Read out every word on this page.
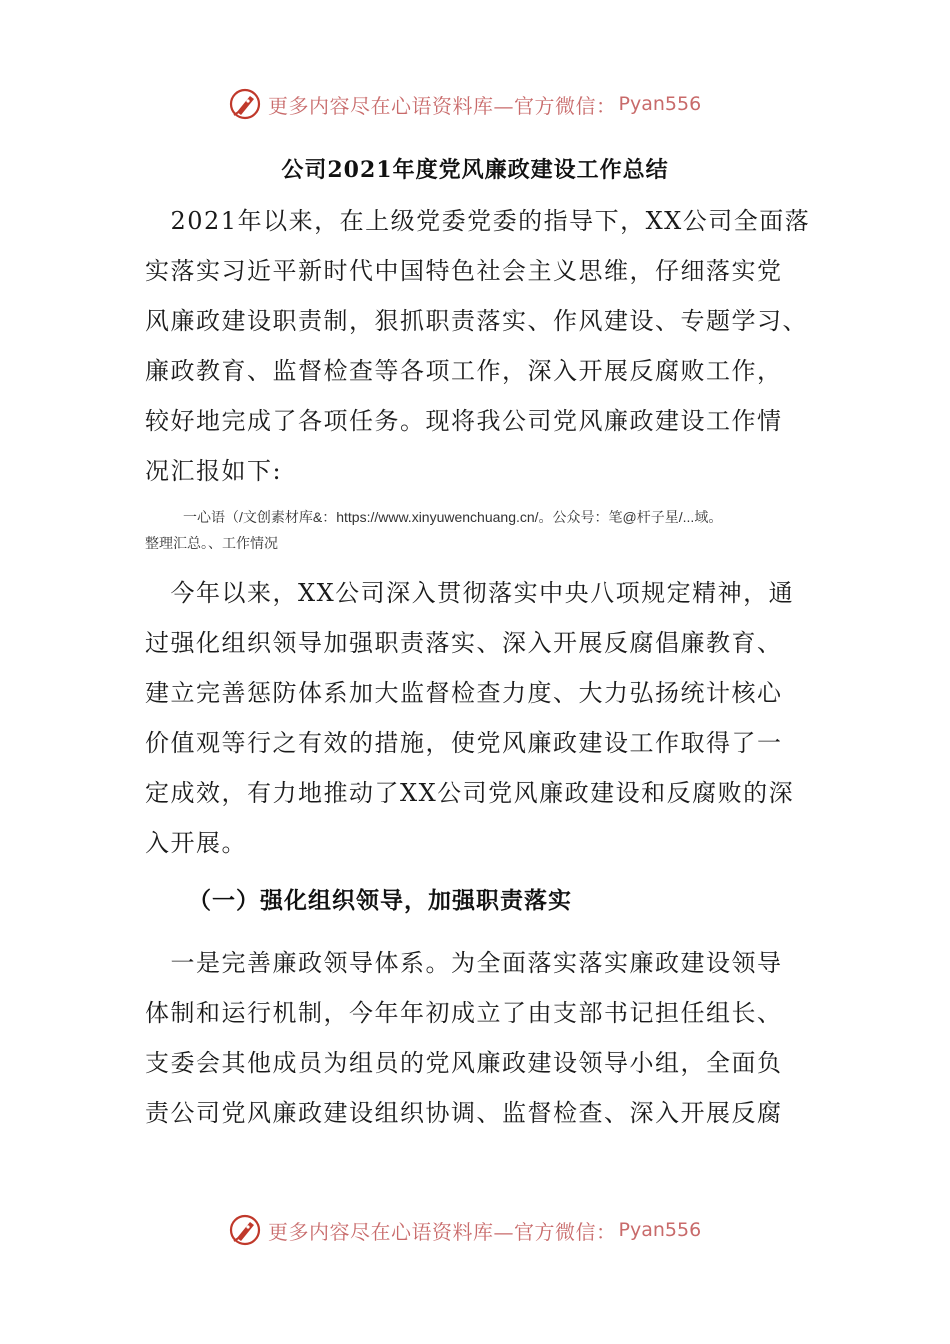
更多内容尽在心语资料库—官方微信： Pyan556
公司2021年度党风廉政建设工作总结
　2021年以来，在上级党委党委的指导下，XX公司全面落
实落实习近平新时代中国特色社会主义思维，仔细落实党
风廉政建设职责制，狠抓职责落实、作风建设、专题学习、
廉政教育、监督检查等各项工作，深入开展反腐败工作，
较好地完成了各项任务。现将我公司党风廉政建设工作情
况汇报如下:
一心语（/文创素材库&：https://www.xinyuwenchuang.cn/。公众号：笔@杆子星/...域。
整理汇总。、工作情况
　今年以来，XX公司深入贯彻落实中央八项规定精神，通
过强化组织领导加强职责落实、深入开展反腐倡廉教育、
建立完善惩防体系加大监督检查力度、大力弘扬统计核心
价值观等行之有效的措施，使党风廉政建设工作取得了一
定成效，有力地推动了XX公司党风廉政建设和反腐败的深
入开展。
（一）强化组织领导，加强职责落实
　一是完善廉政领导体系。为全面落实落实廉政建设领导
体制和运行机制，今年年初成立了由支部书记担任组长、
支委会其他成员为组员的党风廉政建设领导小组，全面负
责公司党风廉政建设组织协调、监督检查、深入开展反腐
更多内容尽在心语资料库—官方微信： Pyan556
